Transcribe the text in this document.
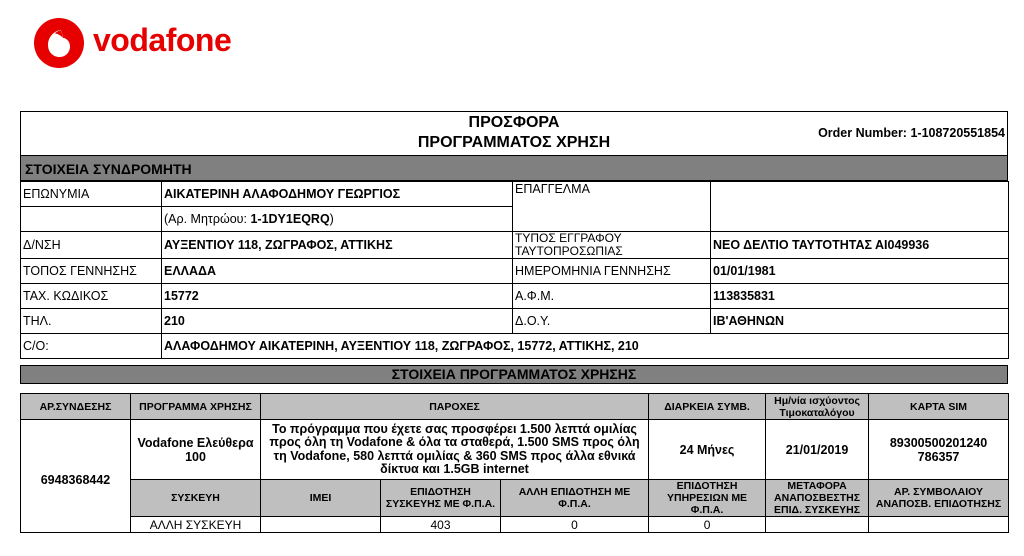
vodafone
ΠΡΟΣΦΟΡΑ
ΠΡΟΓΡΑΜΜΑΤΟΣ ΧΡΗΣΗ
Order Number: 1-108720551854
ΣΤΟΙΧΕΙΑ ΣΥΝΔΡΟΜΗΤΗ
ΕΠΩΝΥΜΙΑ	ΑΙΚΑΤΕΡΙΝΗ ΑΛΑΦΟΔΗΜΟΥ ΓΕΩΡΓΙΟΣ	ΕΠΑΓΓΕΛΜΑ	
	(Αρ. Μητρώου: 1-1DY1EQRQ)		
Δ/ΝΣΗ	ΑΥΞΕΝΤΙΟΥ 118, ΖΩΓΡΑΦΟΣ, ΑΤΤΙΚΗΣ	ΤΥΠΟΣ ΕΓΓΡΑΦΟΥ ΤΑΥΤΟΠΡΟΣΩΠΙΑΣ	ΝΕΟ ΔΕΛΤΙΟ ΤΑΥΤΟΤΗΤΑΣ ΑΙ049936
ΤΟΠΟΣ ΓΕΝΝΗΣΗΣ	ΕΛΛΑΔΑ	ΗΜΕΡΟΜΗΝΙΑ ΓΕΝΝΗΣΗΣ	01/01/1981
ΤΑΧ. ΚΩΔΙΚΟΣ	15772	Α.Φ.Μ.	113835831
ΤΗΛ.	210	Δ.Ο.Υ.	ΙΒ'ΑΘΗΝΩΝ
C/O:	ΑΛΑΦΟΔΗΜΟΥ ΑΙΚΑΤΕΡΙΝΗ, ΑΥΞΕΝΤΙΟΥ 118, ΖΩΓΡΑΦΟΣ, 15772, ΑΤΤΙΚΗΣ, 210		
ΣΤΟΙΧΕΙΑ ΠΡΟΓΡΑΜΜΑΤΟΣ ΧΡΗΣΗΣ
ΑΡ.ΣΥΝΔΕΣΗΣ	ΠΡΟΓΡΑΜΜΑ ΧΡΗΣΗΣ	ΠΑΡΟΧΕΣ			ΔΙΑΡΚΕΙΑ ΣΥΜΒ.	Ημ/νία ισχύοντος Τιμοκαταλόγου	ΚΑΡΤΑ SIM
6948368442	Vodafone Ελεύθερα 100	Το πρόγραμμα που έχετε σας προσφέρει 1.500 λεπτά ομιλίας προς όλη τη Vodafone & όλα τα σταθερά, 1.500 SMS προς όλη τη Vodafone, 580 λεπτά ομιλίας & 360 SMS προς άλλα εθνικά δίκτυα και 1.5GB internet			24 Μήνες	21/01/2019	89300500201240 786357
	ΣΥΣΚΕΥΗ	IMEI	ΕΠΙΔΟΤΗΣΗ ΣΥΣΚΕΥΗΣ ΜΕ Φ.Π.Α.	ΑΛΛΗ ΕΠΙΔΟΤΗΣΗ ΜΕ Φ.Π.Α.	ΕΠΙΔΟΤΗΣΗ ΥΠΗΡΕΣΙΩΝ ΜΕ Φ.Π.Α.	ΜΕΤΑΦΟΡΑ ΑΝΑΠΟΣΒΕΣΤΗΣ ΕΠΙΔ. ΣΥΣΚΕΥΗΣ	ΑΡ. ΣΥΜΒΟΛΑΙΟΥ ΑΝΑΠΟΣΒ. ΕΠΙΔΟΤΗΣΗΣ
	ΑΛΛΗ ΣΥΣΚΕΥΗ		403	0	0		
